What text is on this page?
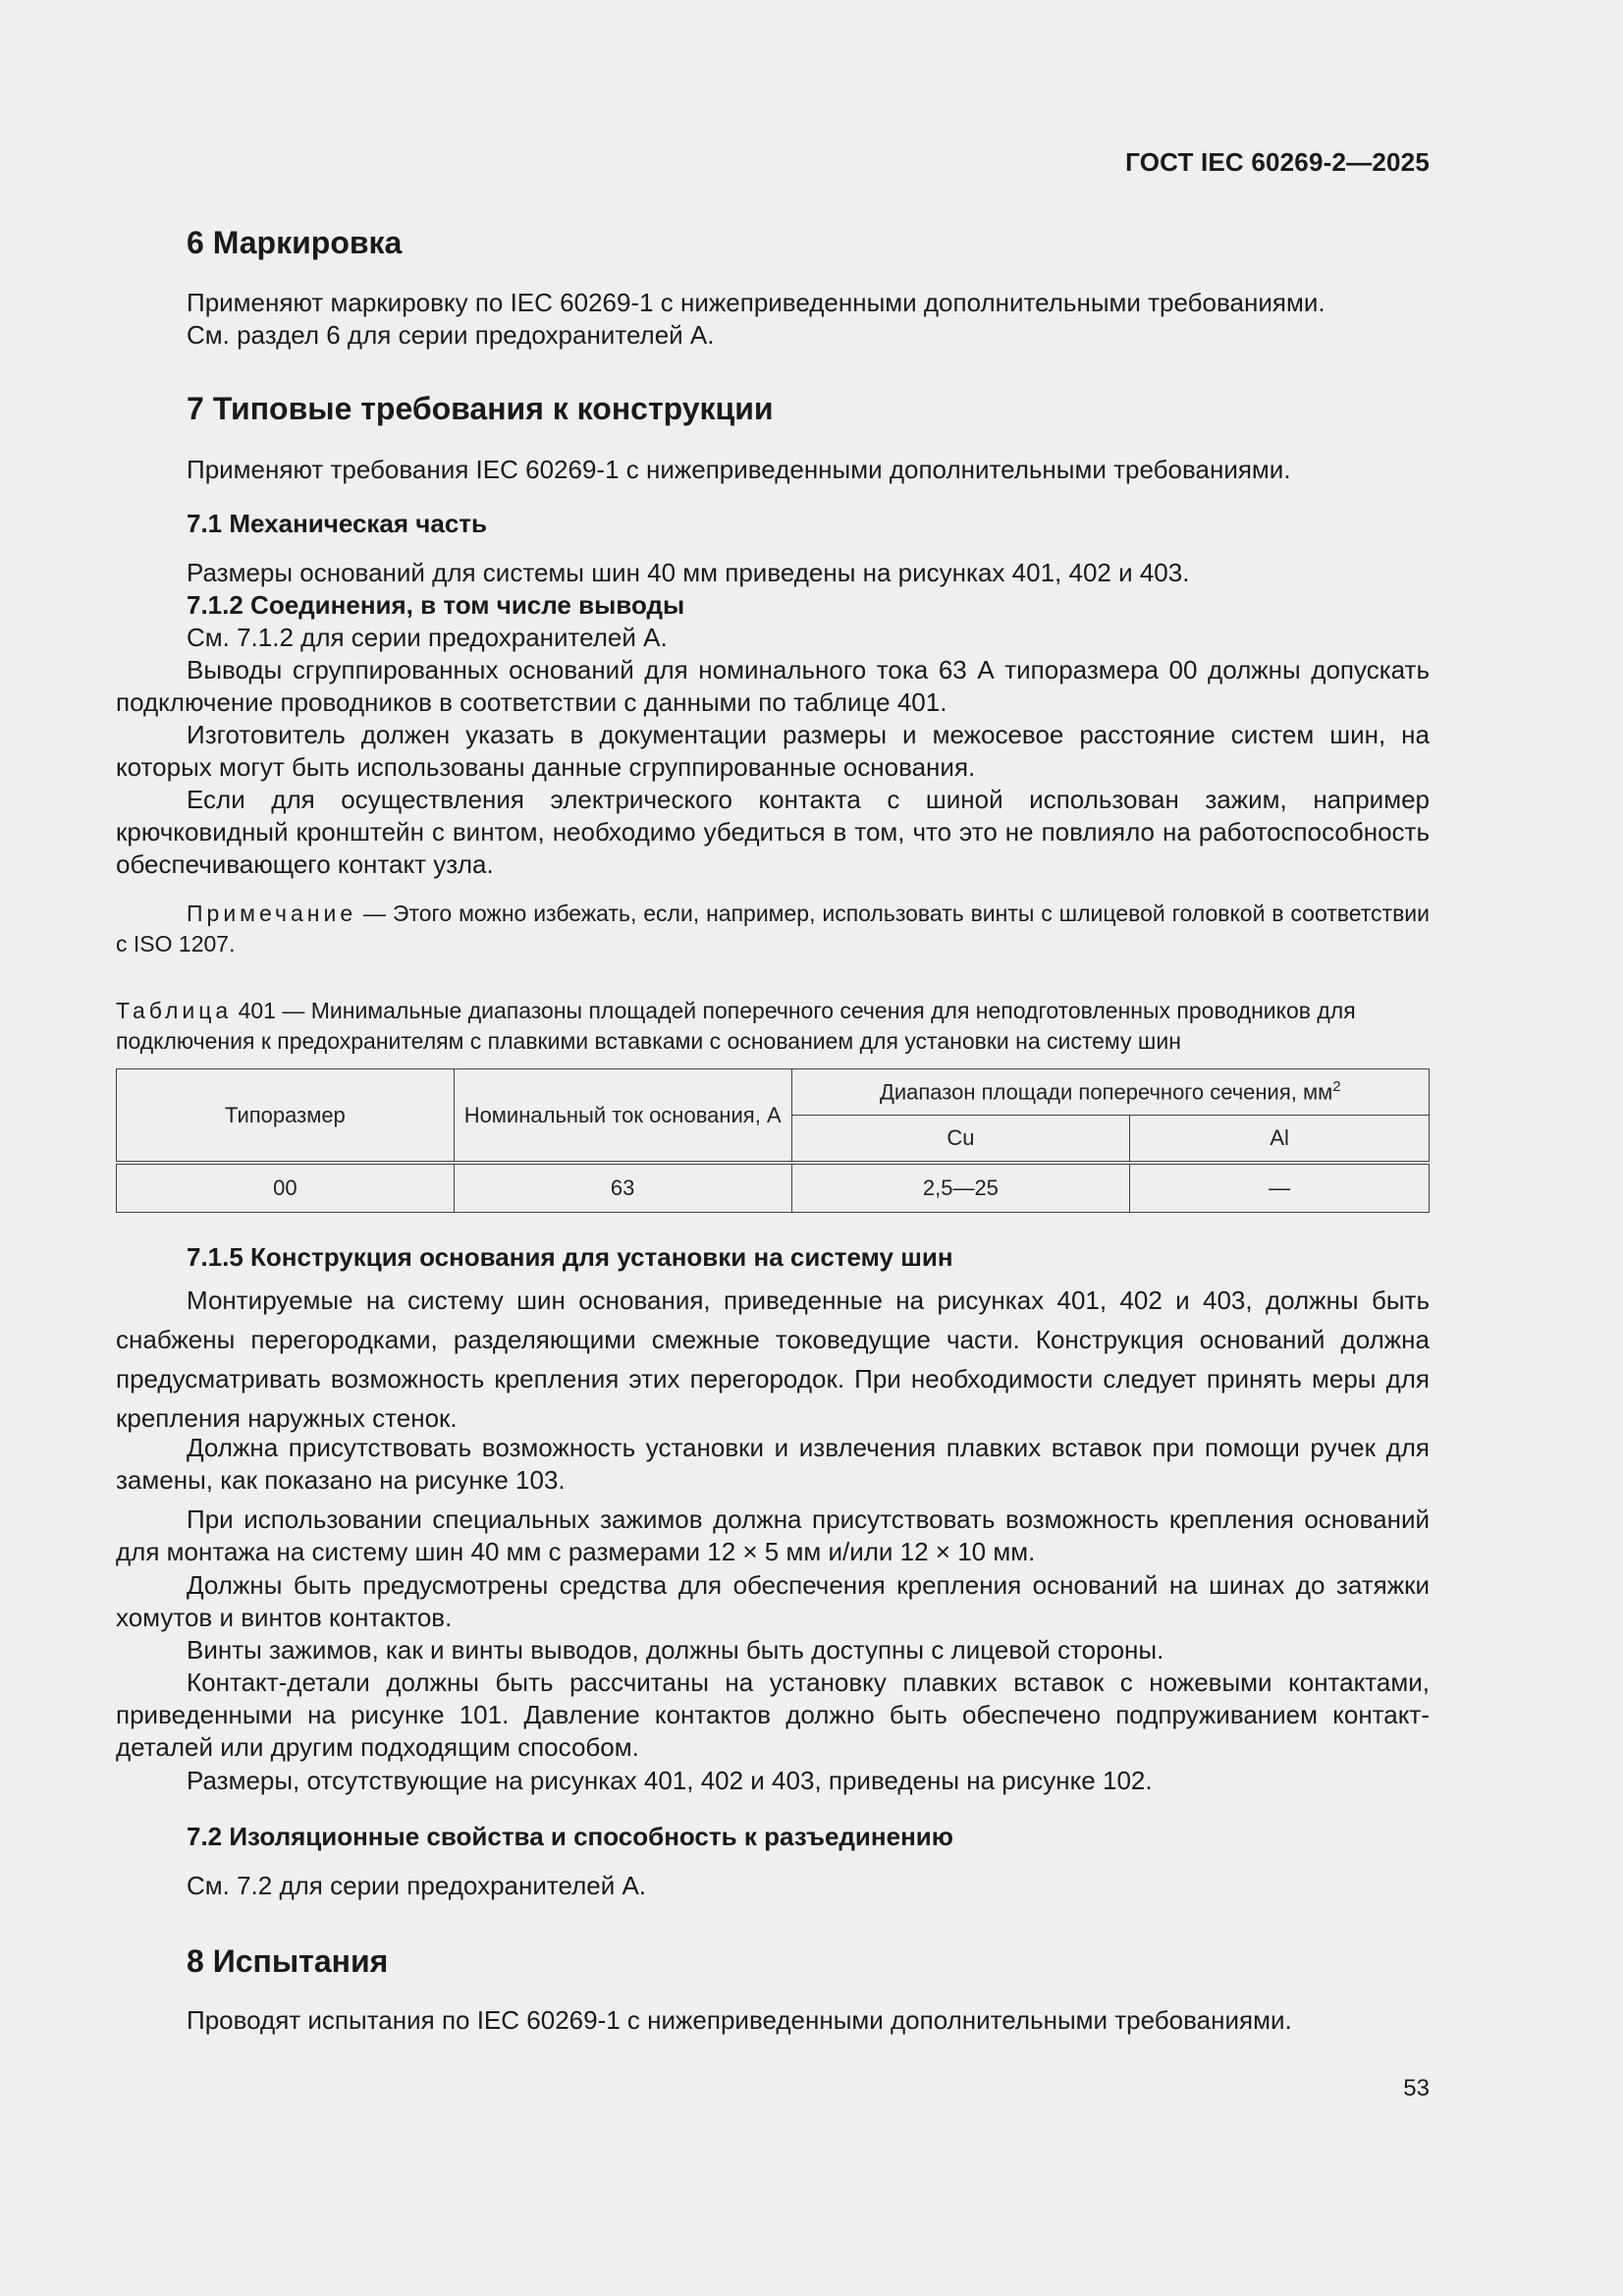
ГОСТ IEC 60269-2—2025
6 Маркировка
Применяют маркировку по IEC 60269-1 с нижеприведенными дополнительными требованиями.
См. раздел 6 для серии предохранителей А.
7 Типовые требования к конструкции
Применяют требования IEC 60269-1 с нижеприведенными дополнительными требованиями.
7.1 Механическая часть
Размеры оснований для системы шин 40 мм приведены на рисунках 401, 402 и 403.
7.1.2 Соединения, в том числе выводы
См. 7.1.2 для серии предохранителей А.
Выводы сгруппированных оснований для номинального тока 63 А типоразмера 00 должны допускать подключение проводников в соответствии с данными по таблице 401.
Изготовитель должен указать в документации размеры и межосевое расстояние систем шин, на которых могут быть использованы данные сгруппированные основания.
Если для осуществления электрического контакта с шиной использован зажим, например крючковидный кронштейн с винтом, необходимо убедиться в том, что это не повлияло на работоспособность обеспечивающего контакт узла.
Примечание — Этого можно избежать, если, например, использовать винты с шлицевой головкой в соответствии с ISO 1207.
Таблица 401 — Минимальные диапазоны площадей поперечного сечения для неподготовленных проводников для подключения к предохранителям с плавкими вставками с основанием для установки на систему шин
Типоразмер	Номинальный ток основания, А	Диапазон площади поперечного сечения, $мм^2$
		Cu	Al
00	63	2,5—25	—
7.1.5 Конструкция основания для установки на систему шин
Монтируемые на систему шин основания, приведенные на рисунках 401, 402 и 403, должны быть снабжены перегородками, разделяющими смежные токоведущие части. Конструкция оснований должна предусматривать возможность крепления этих перегородок. При необходимости следует принять меры для крепления наружных стенок.
Должна присутствовать возможность установки и извлечения плавких вставок при помощи ручек для замены, как показано на рисунке 103.
При использовании специальных зажимов должна присутствовать возможность крепления оснований для монтажа на систему шин 40 мм с размерами 12 × 5 мм и/или 12 × 10 мм.
Должны быть предусмотрены средства для обеспечения крепления оснований на шинах до затяжки хомутов и винтов контактов.
Винты зажимов, как и винты выводов, должны быть доступны с лицевой стороны.
Контакт-детали должны быть рассчитаны на установку плавких вставок с ножевыми контактами, приведенными на рисунке 101. Давление контактов должно быть обеспечено подпруживанием контакт-деталей или другим подходящим способом.
Размеры, отсутствующие на рисунках 401, 402 и 403, приведены на рисунке 102.
7.2 Изоляционные свойства и способность к разъединению
См. 7.2 для серии предохранителей А.
8 Испытания
Проводят испытания по IEC 60269-1 с нижеприведенными дополнительными требованиями.
53
